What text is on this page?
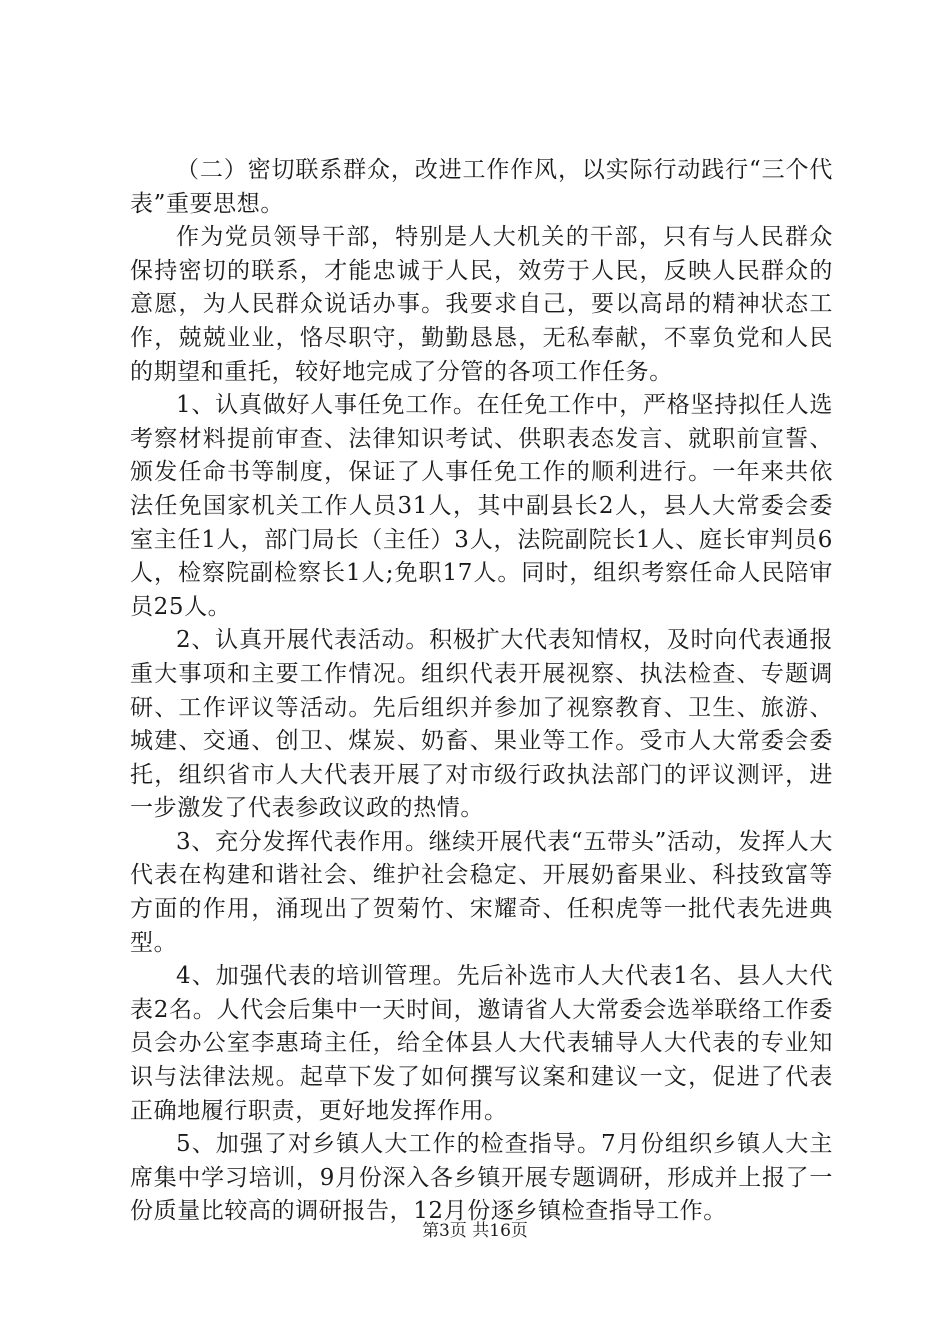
（二）密切联系群众，改进工作作风，以实际行动践行“三个代表”重要思想。

作为党员领导干部，特别是人大机关的干部，只有与人民群众保持密切的联系，才能忠诚于人民，效劳于人民，反映人民群众的意愿，为人民群众说话办事。我要求自己，要以高昂的精神状态工作，兢兢业业，恪尽职守，勤勤恳恳，无私奉献，不辜负党和人民的期望和重托，较好地完成了分管的各项工作任务。

1、认真做好人事任免工作。在任免工作中，严格坚持拟任人选考察材料提前审查、法律知识考试、供职表态发言、就职前宣誓、颁发任命书等制度，保证了人事任免工作的顺利进行。一年来共依法任免国家机关工作人员31人，其中副县长2人，县人大常委会委室主任1人，部门局长（主任）3人，法院副院长1人、庭长审判员6人，检察院副检察长1人;免职17人。同时，组织考察任命人民陪审员25人。

2、认真开展代表活动。积极扩大代表知情权，及时向代表通报重大事项和主要工作情况。组织代表开展视察、执法检查、专题调研、工作评议等活动。先后组织并参加了视察教育、卫生、旅游、城建、交通、创卫、煤炭、奶畜、果业等工作。受市人大常委会委托，组织省市人大代表开展了对市级行政执法部门的评议测评，进一步激发了代表参政议政的热情。

3、充分发挥代表作用。继续开展代表“五带头”活动，发挥人大代表在构建和谐社会、维护社会稳定、开展奶畜果业、科技致富等方面的作用，涌现出了贺菊竹、宋耀奇、任积虎等一批代表先进典型。

4、加强代表的培训管理。先后补选市人大代表1名、县人大代表2名。人代会后集中一天时间，邀请省人大常委会选举联络工作委员会办公室李惠琦主任，给全体县人大代表辅导人大代表的专业知识与法律法规。起草下发了如何撰写议案和建议一文，促进了代表正确地履行职责，更好地发挥作用。

5、加强了对乡镇人大工作的检查指导。7月份组织乡镇人大主席集中学习培训，9月份深入各乡镇开展专题调研，形成并上报了一份质量比较高的调研报告，12月份逐乡镇检查指导工作。

第3页 共16页
